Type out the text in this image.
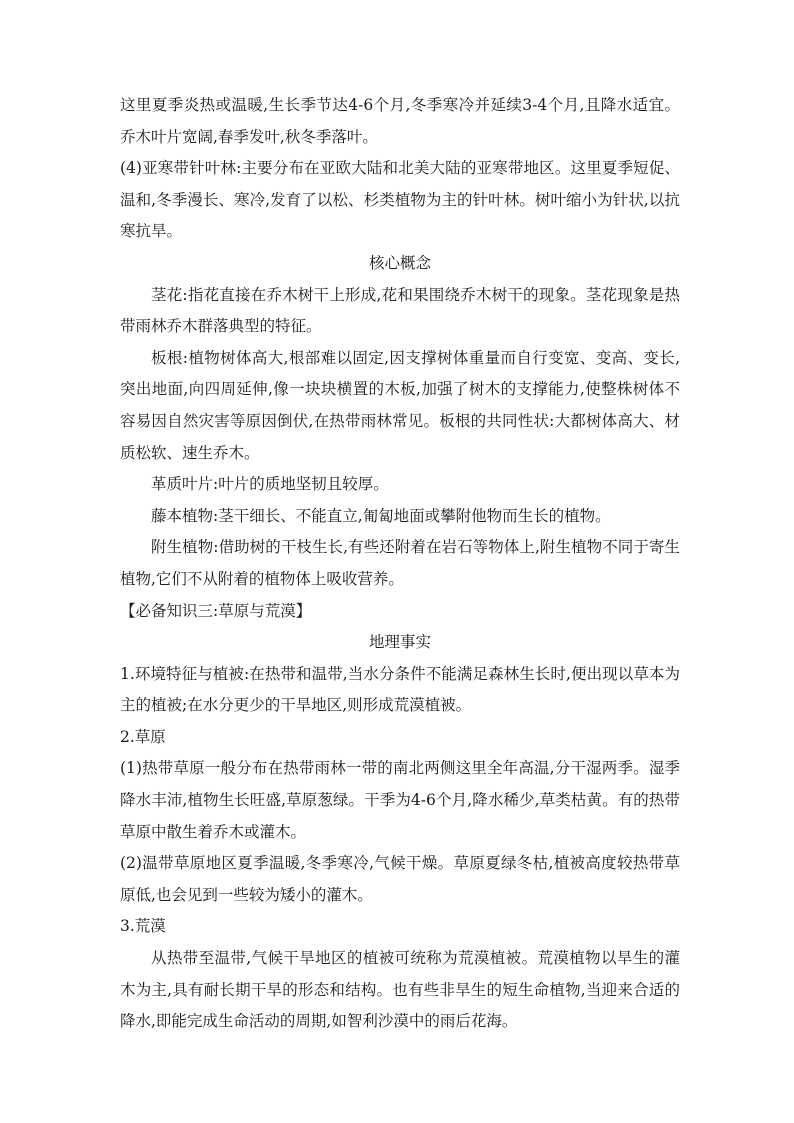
这里夏季炎热或温暖,生长季节达4-6个月,冬季寒冷并延续3-4个月,且降水适宜。乔木叶片宽阔,春季发叶,秋冬季落叶。

(4)亚寒带针叶林:主要分布在亚欧大陆和北美大陆的亚寒带地区。这里夏季短促、温和,冬季漫长、寒冷,发育了以松、杉类植物为主的针叶林。树叶缩小为针状,以抗寒抗旱。

核心概念

茎花:指花直接在乔木树干上形成,花和果围绕乔木树干的现象。茎花现象是热带雨林乔木群落典型的特征。

板根:植物树体高大,根部难以固定,因支撑树体重量而自行变宽、变高、变长,突出地面,向四周延伸,像一块块横置的木板,加强了树木的支撑能力,使整株树体不容易因自然灾害等原因倒伏,在热带雨林常见。板根的共同性状:大都树体高大、材质松软、速生乔木。

革质叶片:叶片的质地坚韧且较厚。

藤本植物:茎干细长、不能直立,匍匐地面或攀附他物而生长的植物。

附生植物:借助树的干枝生长,有些还附着在岩石等物体上,附生植物不同于寄生植物,它们不从附着的植物体上吸收营养。

【必备知识三:草原与荒漠】

地理事实

1.环境特征与植被:在热带和温带,当水分条件不能满足森林生长时,便出现以草本为主的植被;在水分更少的干旱地区,则形成荒漠植被。

2.草原

(1)热带草原一般分布在热带雨林一带的南北两侧这里全年高温,分干湿两季。湿季降水丰沛,植物生长旺盛,草原葱绿。干季为4-6个月,降水稀少,草类枯黄。有的热带草原中散生着乔木或灌木。

(2)温带草原地区夏季温暖,冬季寒冷,气候干燥。草原夏绿冬枯,植被高度较热带草原低,也会见到一些较为矮小的灌木。

3.荒漠

从热带至温带,气候干旱地区的植被可统称为荒漠植被。荒漠植物以旱生的灌木为主,具有耐长期干旱的形态和结构。也有些非旱生的短生命植物,当迎来合适的降水,即能完成生命活动的周期,如智利沙漠中的雨后花海。
